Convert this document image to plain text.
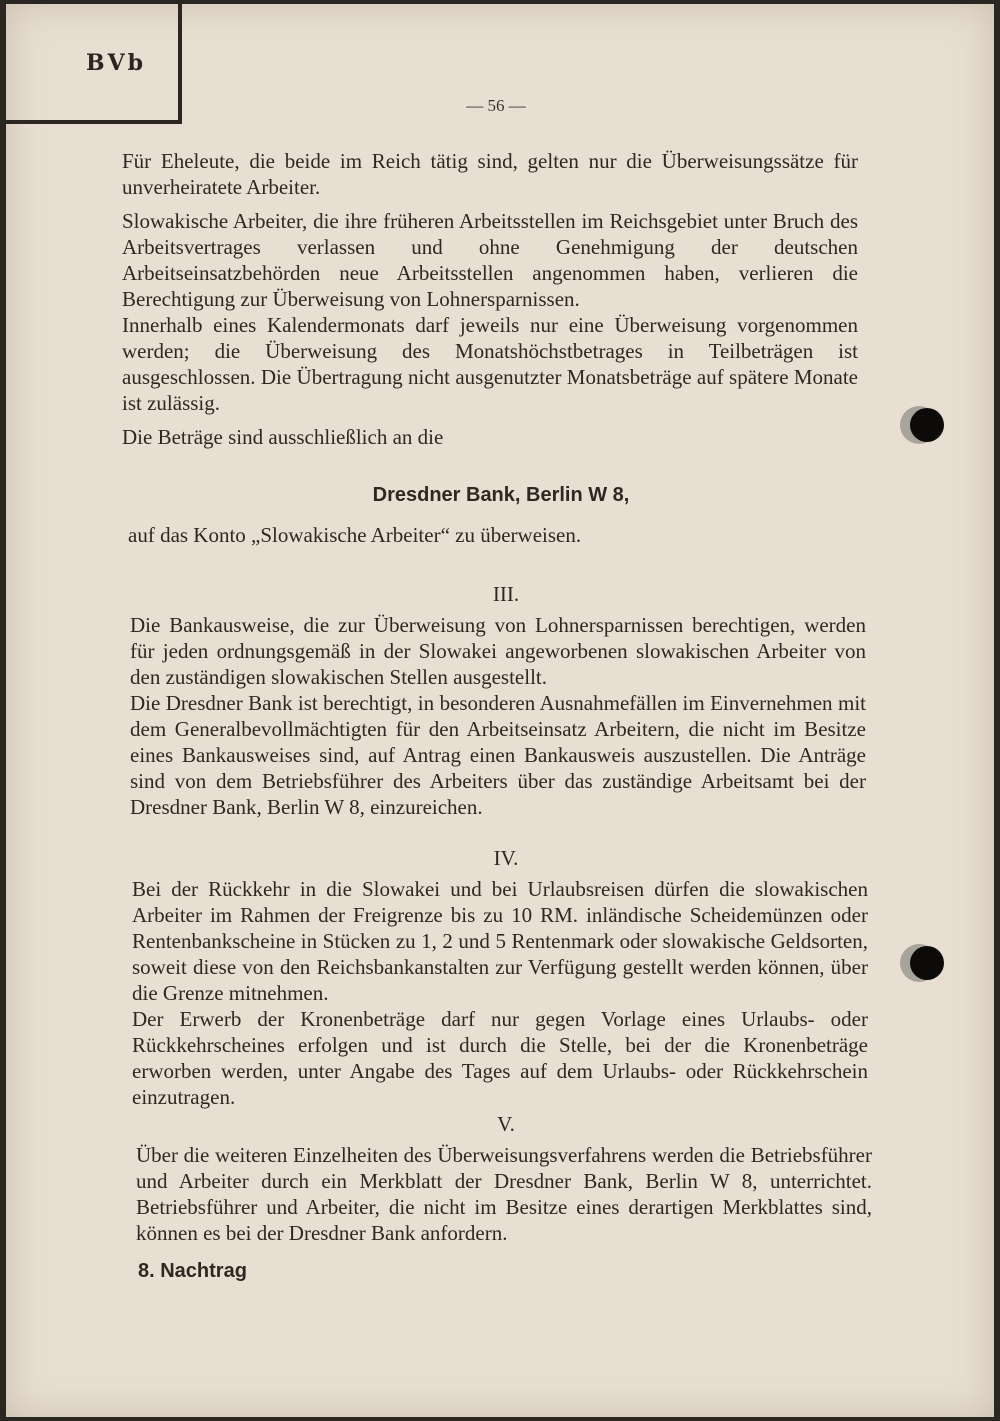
BVb
— 56 —

Für Eheleute, die beide im Reich tätig sind, gelten nur die Überweisungssätze für unverheiratete Arbeiter.

Slowakische Arbeiter, die ihre früheren Arbeitsstellen im Reichsgebiet unter Bruch des Arbeitsvertrages verlassen und ohne Genehmigung der deutschen Arbeitseinsatzbehörden neue Arbeitsstellen angenommen haben, verlieren die Berechtigung zur Überweisung von Lohnersparnissen.

Innerhalb eines Kalendermonats darf jeweils nur eine Überweisung vorgenommen werden; die Überweisung des Monatshöchstbetrages in Teilbeträgen ist ausgeschlossen. Die Übertragung nicht ausgenutzter Monatsbeträge auf spätere Monate ist zulässig.

Die Beträge sind ausschließlich an die

Dresdner Bank, Berlin W 8,
auf das Konto „Slowakische Arbeiter“ zu überweisen.
III.

Die Bankausweise, die zur Überweisung von Lohnersparnissen berechtigen, werden für jeden ordnungsgemäß in der Slowakei angeworbenen slowakischen Arbeiter von den zuständigen slowakischen Stellen ausgestellt.

Die Dresdner Bank ist berechtigt, in besonderen Ausnahmefällen im Einvernehmen mit dem Generalbevollmächtigten für den Arbeitseinsatz Arbeitern, die nicht im Besitze eines Bankausweises sind, auf Antrag einen Bankausweis auszustellen. Die Anträge sind von dem Betriebsführer des Arbeiters über das zuständige Arbeitsamt bei der Dresdner Bank, Berlin W 8, einzureichen.

IV.

Bei der Rückkehr in die Slowakei und bei Urlaubsreisen dürfen die slowakischen Arbeiter im Rahmen der Freigrenze bis zu 10 RM. inländische Scheidemünzen oder Rentenbankscheine in Stücken zu 1, 2 und 5 Rentenmark oder slowakische Geldsorten, soweit diese von den Reichsbankanstalten zur Verfügung gestellt werden können, über die Grenze mitnehmen.

Der Erwerb der Kronenbeträge darf nur gegen Vorlage eines Urlaubs- oder Rückkehrscheines erfolgen und ist durch die Stelle, bei der die Kronenbeträge erworben werden, unter Angabe des Tages auf dem Urlaubs- oder Rückkehrschein einzutragen.

V.

Über die weiteren Einzelheiten des Überweisungsverfahrens werden die Betriebsführer und Arbeiter durch ein Merkblatt der Dresdner Bank, Berlin W 8, unterrichtet. Betriebsführer und Arbeiter, die nicht im Besitze eines derartigen Merkblattes sind, können es bei der Dresdner Bank anfordern.

8. Nachtrag
